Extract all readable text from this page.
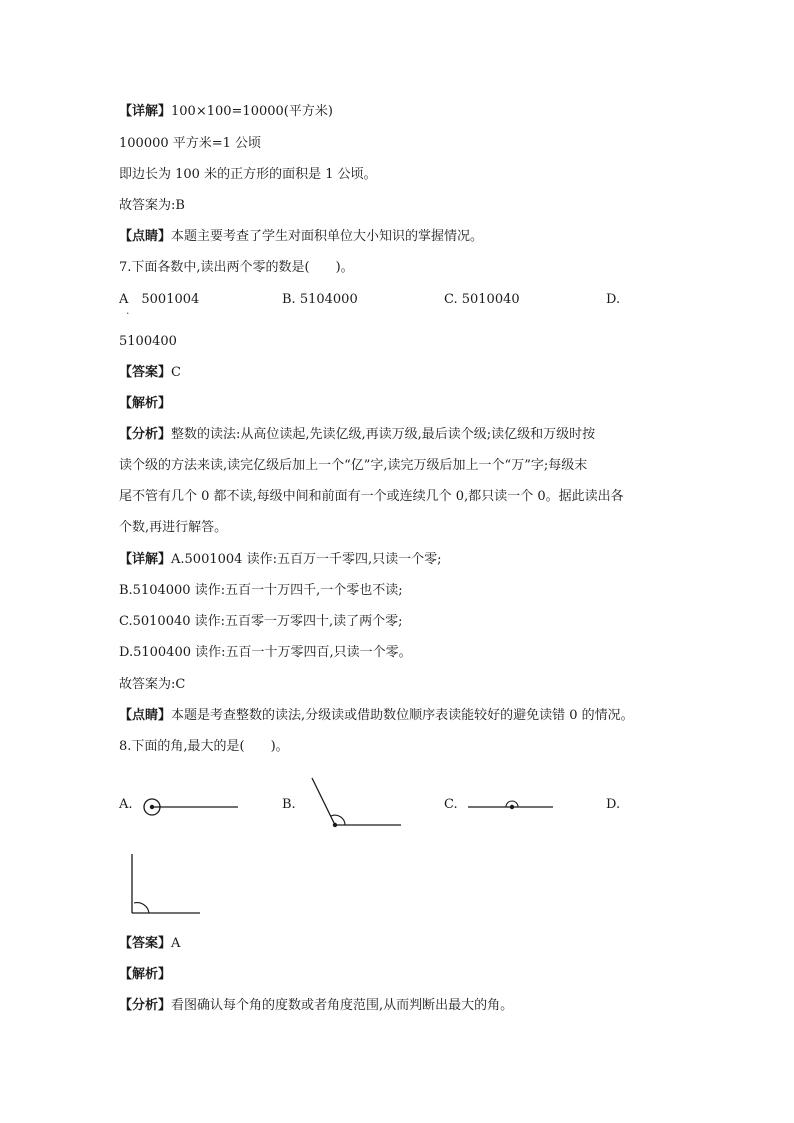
【详解】100×100=10000(平方米)
100000 平方米=1 公顷
即边长为 100 米的正方形的面积是 1 公顷。
故答案为:B
【点睛】本题主要考查了学生对面积单位大小知识的掌握情况。
7.下面各数中,读出两个零的数是(　　)。
A　5001004	B. 5104000	C. 5010040	D.
·
5100400
【答案】C
【解析】
【分析】整数的读法:从高位读起,先读亿级,再读万级,最后读个级;读亿级和万级时按
读个级的方法来读,读完亿级后加上一个“亿”字,读完万级后加上一个“万”字;每级末
尾不管有几个 0 都不读,每级中间和前面有一个或连续几个 0,都只读一个 0。据此读出各
个数,再进行解答。
【详解】A.5001004 读作:五百万一千零四,只读一个零;
B.5104000 读作:五百一十万四千,一个零也不读;
C.5010040 读作:五百零一万零四十,读了两个零;
D.5100400 读作:五百一十万零四百,只读一个零。
故答案为:C
【点睛】本题是考查整数的读法,分级读或借助数位顺序表读能较好的避免读错 0 的情况。
8.下面的角,最大的是(　　)。
A.	B.	C.	D.
【答案】A
【解析】
【分析】看图确认每个角的度数或者角度范围,从而判断出最大的角。
